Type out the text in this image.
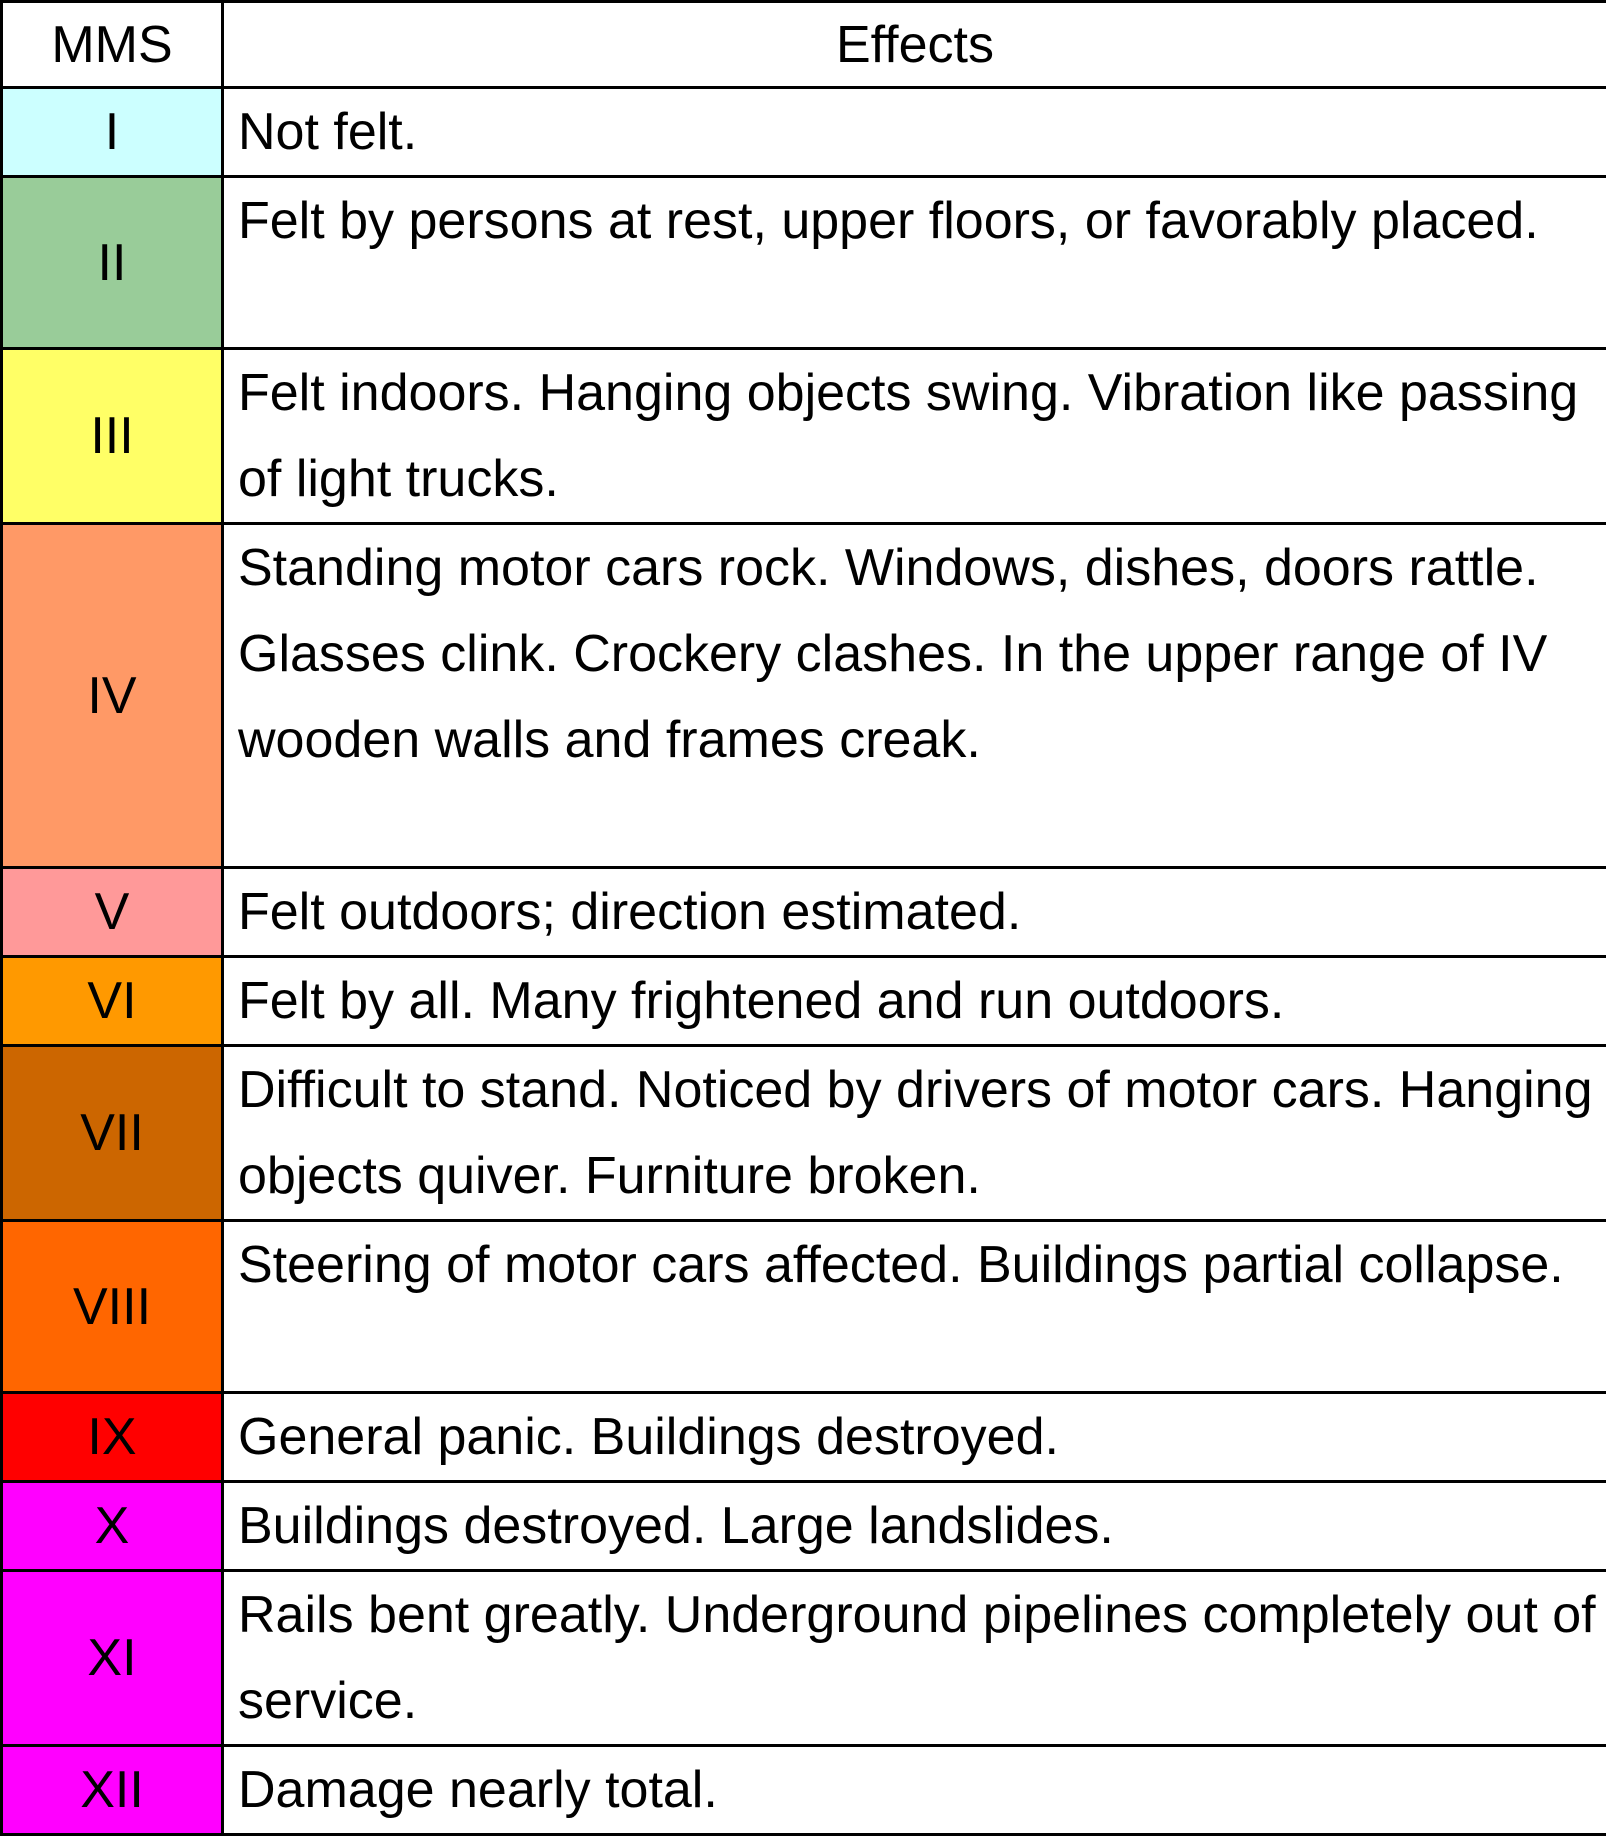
MMS	Effects
I	Not felt.
II	Felt by persons at rest, upper floors, or favorably placed.
III	Felt indoors. Hanging objects swing. Vibration like passing of light trucks.
IV	Standing motor cars rock. Windows, dishes, doors rattle. Glasses clink. Crockery clashes. In the upper range of IV wooden walls and frames creak.
V	Felt outdoors; direction estimated.
VI	Felt by all. Many frightened and run outdoors.
VII	Difficult to stand. Noticed by drivers of motor cars. Hanging objects quiver. Furniture broken.
VIII	Steering of motor cars affected. Buildings partial collapse.
IX	General panic. Buildings destroyed.
X	Buildings destroyed. Large landslides.
XI	Rails bent greatly. Underground pipelines completely out of service.
XII	Damage nearly total.
